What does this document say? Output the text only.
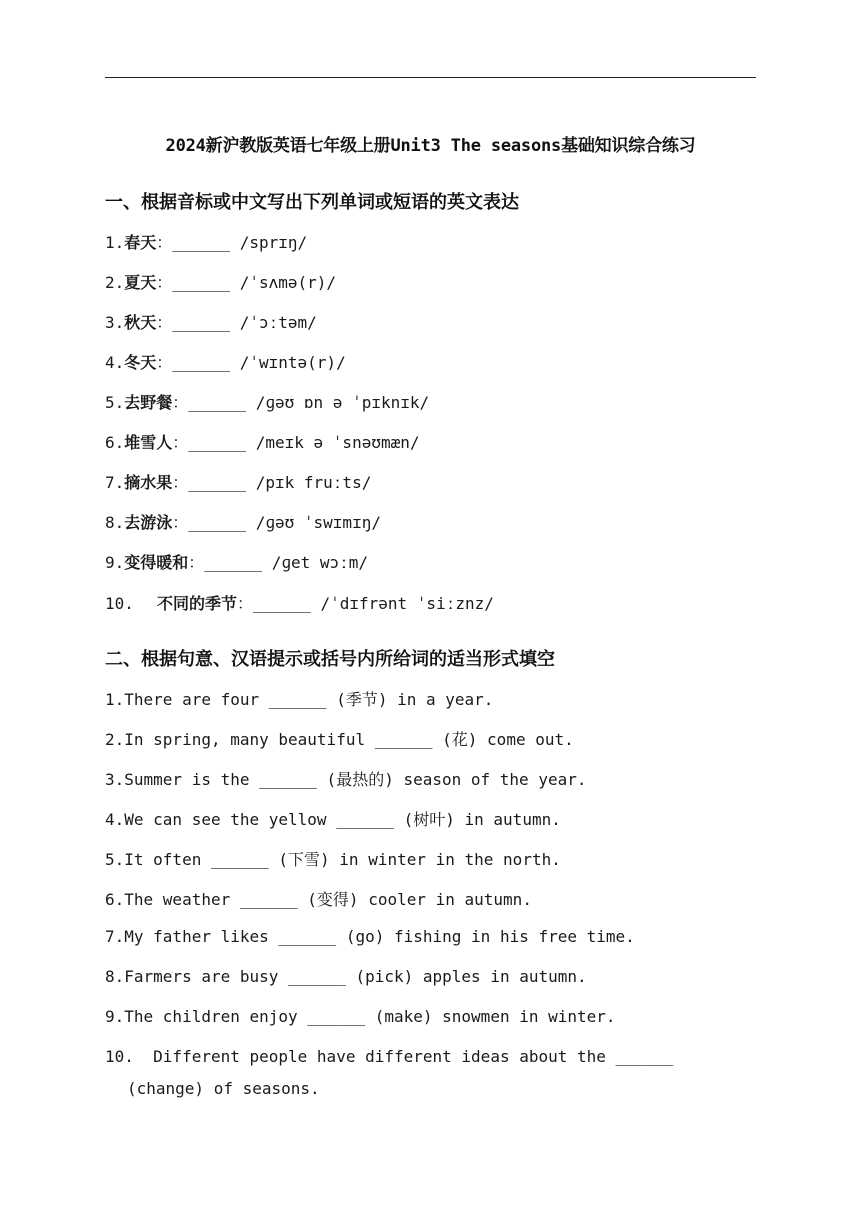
2024新沪教版英语七年级上册Unit3 The seasons基础知识综合练习
一、根据音标或中文写出下列单词或短语的英文表达
1.春天：______ /sprɪŋ/
2.夏天：______ /ˈsʌmə(r)/
3.秋天：______ /ˈɔːtəm/
4.冬天：______ /ˈwɪntə(r)/
5.去野餐：______ /ɡəʊ ɒn ə ˈpɪknɪk/
6.堆雪人：______ /meɪk ə ˈsnəʊmæn/
7.摘水果：______ /pɪk fruːts/
8.去游泳：______ /ɡəʊ ˈswɪmɪŋ/
9.变得暖和：______ /ɡet wɔːm/
10. 不同的季节：______ /ˈdɪfrənt ˈsiːznz/
二、根据句意、汉语提示或括号内所给词的适当形式填空
1.There are four ______ (季节) in a year.
2.In spring, many beautiful ______ (花) come out.
3.Summer is the ______ (最热的) season of the year.
4.We can see the yellow ______ (树叶) in autumn.
5.It often ______ (下雪) in winter in the north.
6.The weather ______ (变得) cooler in autumn.
7.My father likes ______ (go) fishing in his free time.
8.Farmers are busy ______ (pick) apples in autumn.
9.The children enjoy ______ (make) snowmen in winter.
10.  Different people have different ideas about the ______
(change) of seasons.
